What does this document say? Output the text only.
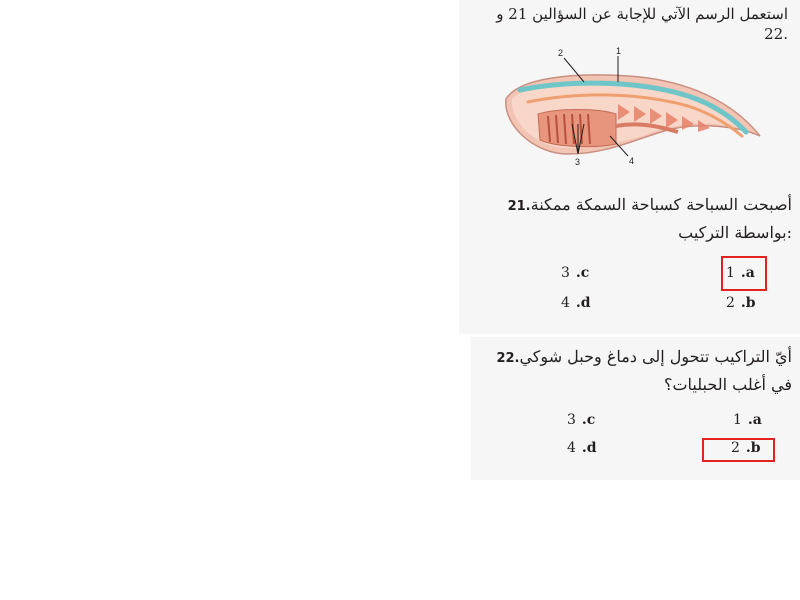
استعمل الرسم الآتي للإجابة عن السؤالين 21 و 22.
1
2
3	4
21.أصبحت السباحة كسباحة السمكة ممكنة بواسطة التركيب:
1 .a
2 .b
3 .c
4 .d
22.أيّ التراكيب تتحول إلى دماغ وحبل شوكي في أغلب الحبليات؟
1 .a
2 .b
3 .c
4 .d
